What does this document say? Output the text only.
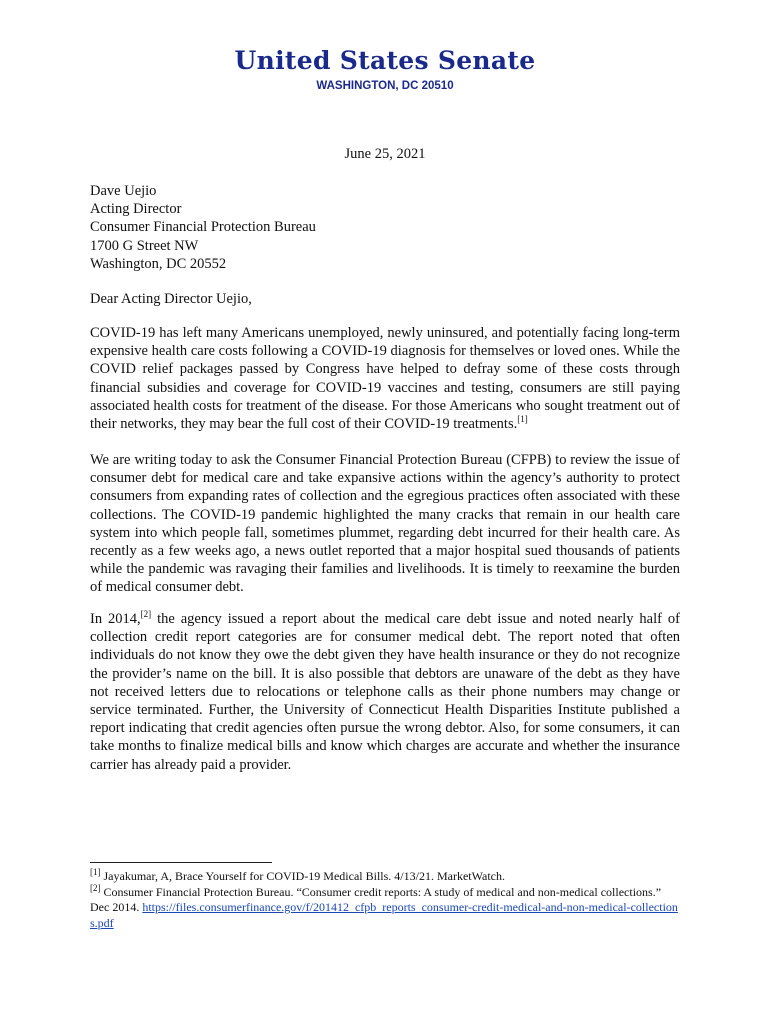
United States Senate
WASHINGTON, DC 20510
June 25, 2021
Dave Uejio
Acting Director
Consumer Financial Protection Bureau
1700 G Street NW
Washington, DC 20552
Dear Acting Director Uejio,
COVID-19 has left many Americans unemployed, newly uninsured, and potentially facing long-term expensive health care costs following a COVID-19 diagnosis for themselves or loved ones. While the COVID relief packages passed by Congress have helped to defray some of these costs through financial subsidies and coverage for COVID-19 vaccines and testing, consumers are still paying associated health costs for treatment of the disease. For those Americans who sought treatment out of their networks, they may bear the full cost of their COVID-19 treatments.[1]
We are writing today to ask the Consumer Financial Protection Bureau (CFPB) to review the issue of consumer debt for medical care and take expansive actions within the agency’s authority to protect consumers from expanding rates of collection and the egregious practices often associated with these collections. The COVID-19 pandemic highlighted the many cracks that remain in our health care system into which people fall, sometimes plummet, regarding debt incurred for their health care. As recently as a few weeks ago, a news outlet reported that a major hospital sued thousands of patients while the pandemic was ravaging their families and livelihoods. It is timely to reexamine the burden of medical consumer debt.
In 2014,[2] the agency issued a report about the medical care debt issue and noted nearly half of collection credit report categories are for consumer medical debt. The report noted that often individuals do not know they owe the debt given they have health insurance or they do not recognize the provider’s name on the bill. It is also possible that debtors are unaware of the debt as they have not received letters due to relocations or telephone calls as their phone numbers may change or service terminated. Further, the University of Connecticut Health Disparities Institute published a report indicating that credit agencies often pursue the wrong debtor. Also, for some consumers, it can take months to finalize medical bills and know which charges are accurate and whether the insurance carrier has already paid a provider.

[1] Jayakumar, A, Brace Yourself for COVID-19 Medical Bills. 4/13/21. MarketWatch.

[2] Consumer Financial Protection Bureau. “Consumer credit reports: A study of medical and non-medical collections.” Dec 2014. https://files.consumerfinance.gov/f/201412_cfpb_reports_consumer-credit-medical-and-non-medical-collections.pdf
